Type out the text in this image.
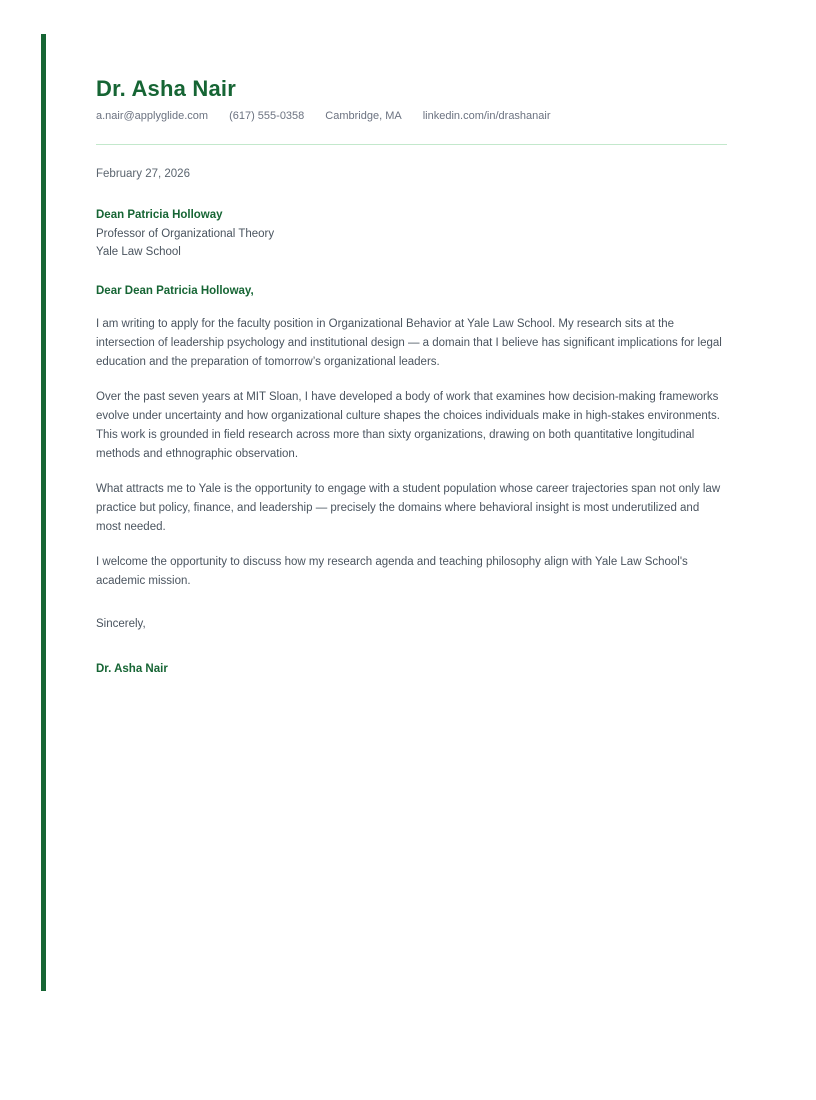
Dr. Asha Nair
a.nair@applyglide.com (617) 555-0358 Cambridge, MA linkedin.com/in/drashanair
February 27, 2026
Dean Patricia Holloway
Professor of Organizational Theory
Yale Law School
Dear Dean Patricia Holloway,

I am writing to apply for the faculty position in Organizational Behavior at Yale Law School. My research sits at the intersection of leadership psychology and institutional design — a domain that I believe has significant implications for legal education and the preparation of tomorrow’s organizational leaders.

Over the past seven years at MIT Sloan, I have developed a body of work that examines how decision-making frameworks evolve under uncertainty and how organizational culture shapes the choices individuals make in high-stakes environments. This work is grounded in field research across more than sixty organizations, drawing on both quantitative longitudinal methods and ethnographic observation.

What attracts me to Yale is the opportunity to engage with a student population whose career trajectories span not only law practice but policy, finance, and leadership — precisely the domains where behavioral insight is most underutilized and most needed.

I welcome the opportunity to discuss how my research agenda and teaching philosophy align with Yale Law School's academic mission.

Sincerely,
Dr. Asha Nair
